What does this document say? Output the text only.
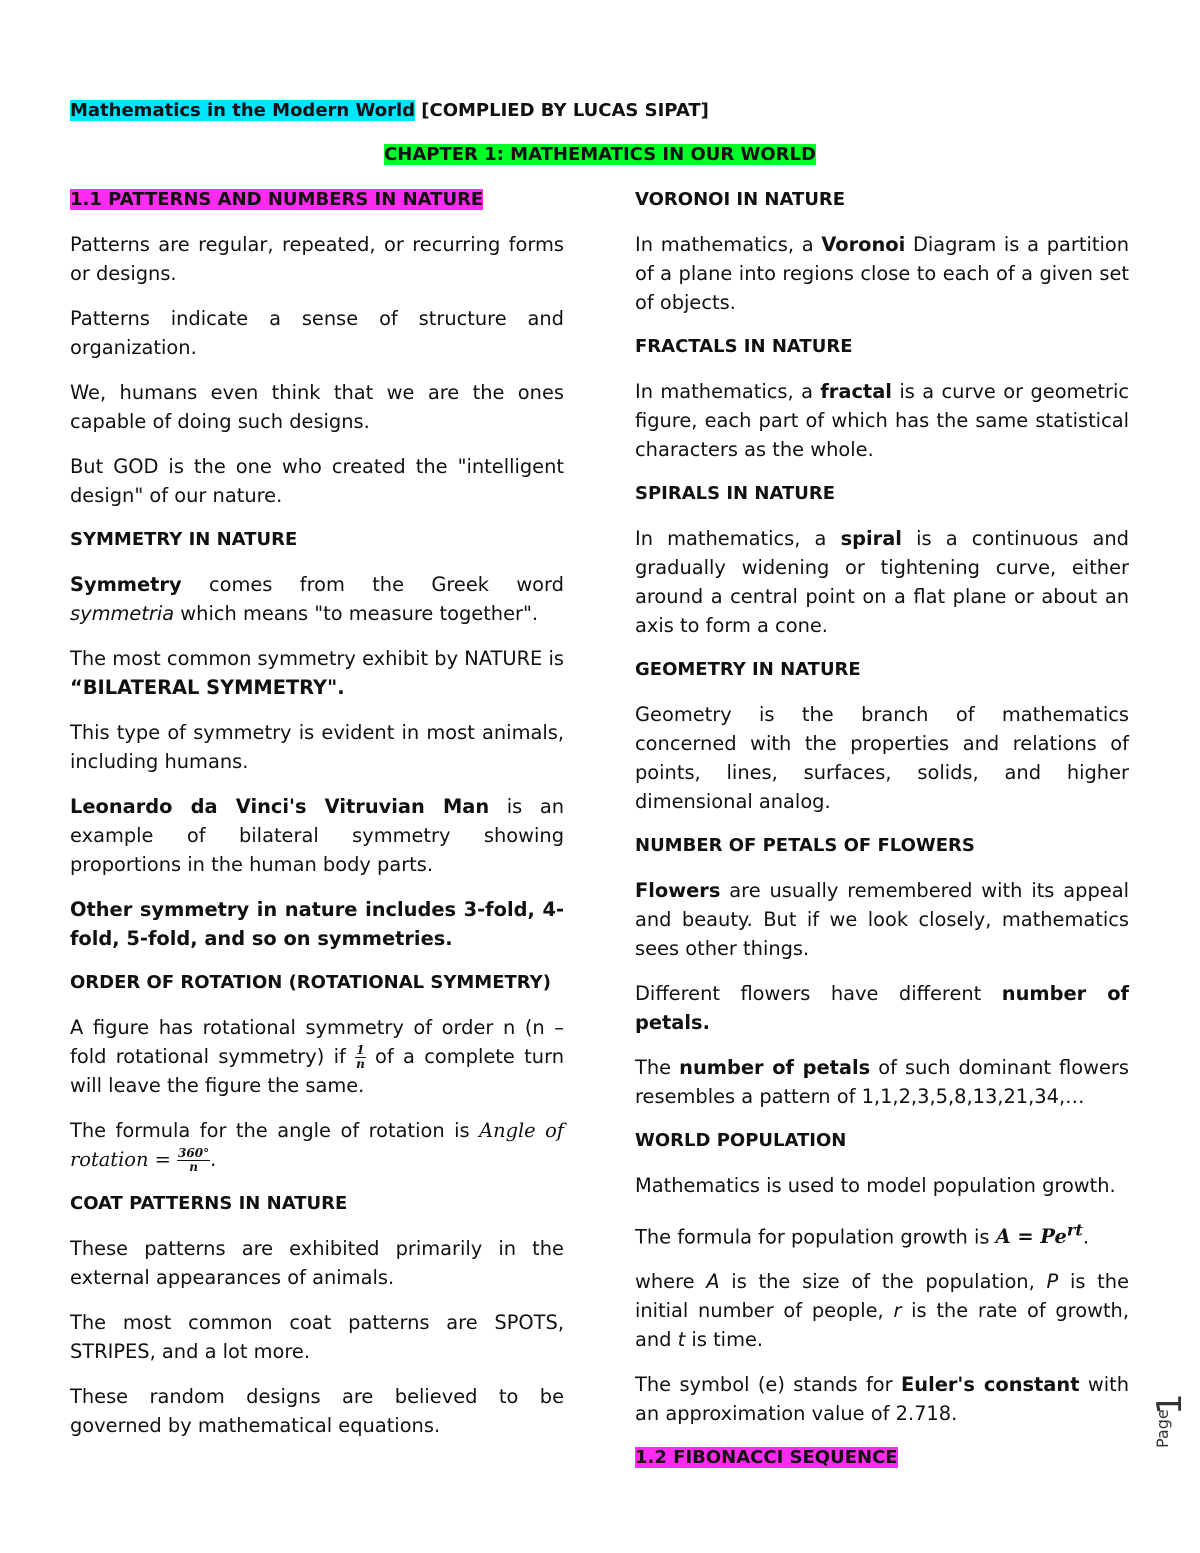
Mathematics in the Modern World [COMPLIED BY LUCAS SIPAT]
CHAPTER 1: MATHEMATICS IN OUR WORLD
1.1 PATTERNS AND NUMBERS IN NATURE
Patterns are regular, repeated, or recurring forms or designs.
Patterns indicate a sense of structure and organization.
We, humans even think that we are the ones capable of doing such designs.
But GOD is the one who created the "intelligent design" of our nature.
SYMMETRY IN NATURE
Symmetry comes from the Greek word symmetria which means "to measure together".
The most common symmetry exhibit by NATURE is “BILATERAL SYMMETRY".
This type of symmetry is evident in most animals, including humans.
Leonardo da Vinci's Vitruvian Man is an example of bilateral symmetry showing proportions in the human body parts.
Other symmetry in nature includes 3-fold, 4-fold, 5-fold, and so on symmetries.
ORDER OF ROTATION (ROTATIONAL SYMMETRY)
A figure has rotational symmetry of order n (n – fold rotational symmetry) if $\frac{1}{n}$ of a complete turn will leave the figure the same.
The formula for the angle of rotation is Angle of rotation = $\frac{360^\circ}{n}$ .
COAT PATTERNS IN NATURE
These patterns are exhibited primarily in the external appearances of animals.
The most common coat patterns are SPOTS, STRIPES, and a lot more.
These random designs are believed to be governed by mathematical equations.
VORONOI IN NATURE
In mathematics, a Voronoi Diagram is a partition of a plane into regions close to each of a given set of objects.
FRACTALS IN NATURE
In mathematics, a fractal is a curve or geometric figure, each part of which has the same statistical characters as the whole.
SPIRALS IN NATURE
In mathematics, a spiral is a continuous and gradually widening or tightening curve, either around a central point on a flat plane or about an axis to form a cone.
GEOMETRY IN NATURE
Geometry is the branch of mathematics concerned with the properties and relations of points, lines, surfaces, solids, and higher dimensional analog.
NUMBER OF PETALS OF FLOWERS
Flowers are usually remembered with its appeal and beauty. But if we look closely, mathematics sees other things.
Different flowers have different number of petals.
The number of petals of such dominant flowers resembles a pattern of 1,1,2,3,5,8,13,21,34,…
WORLD POPULATION
Mathematics is used to model population growth.
The formula for population growth is $A = Pe^{rt}$.
where A is the size of the population, P is the initial number of people, r is the rate of growth, and t is time.
The symbol (e) stands for Euler's constant with an approximation value of 2.718.
1.2 FIBONACCI SEQUENCE
Page
1
